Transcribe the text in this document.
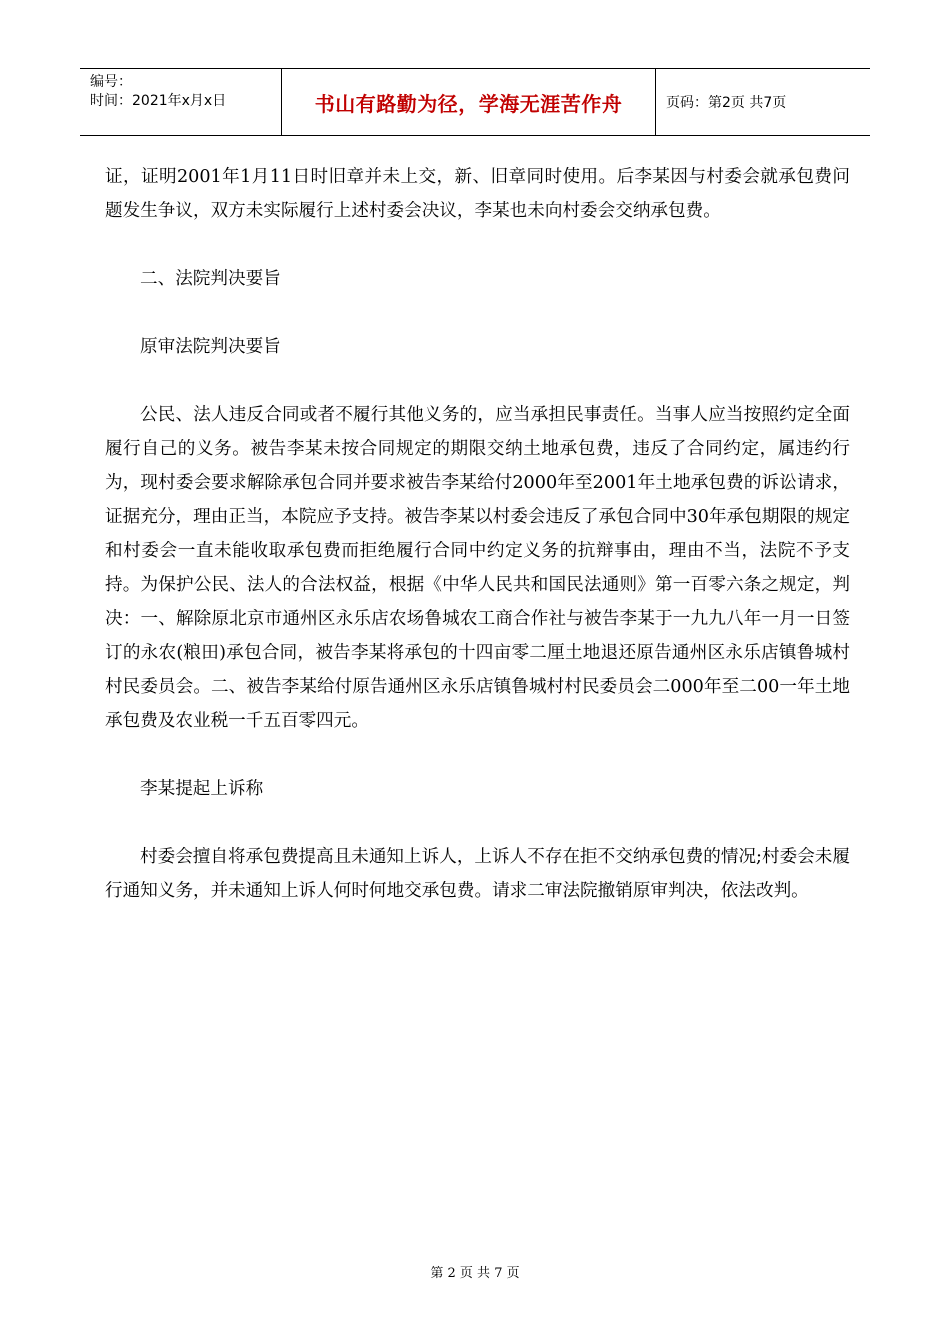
编号：
时间：2021年x月x日	书山有路勤为径，学海无涯苦作舟	页码：第2页 共7页

证，证明2001年1月11日时旧章并未上交，新、旧章同时使用。后李某因与村委会就承包费问题发生争议，双方未实际履行上述村委会决议，李某也未向村委会交纳承包费。

二、法院判决要旨

原审法院判决要旨

公民、法人违反合同或者不履行其他义务的，应当承担民事责任。当事人应当按照约定全面履行自己的义务。被告李某未按合同规定的期限交纳土地承包费，违反了合同约定，属违约行为，现村委会要求解除承包合同并要求被告李某给付2000年至2001年土地承包费的诉讼请求，证据充分，理由正当，本院应予支持。被告李某以村委会违反了承包合同中30年承包期限的规定和村委会一直未能收取承包费而拒绝履行合同中约定义务的抗辩事由，理由不当，法院不予支持。为保护公民、法人的合法权益，根据《中华人民共和国民法通则》第一百零六条之规定，判决：一、解除原北京市通州区永乐店农场鲁城农工商合作社与被告李某于一九九八年一月一日签订的永农(粮田)承包合同，被告李某将承包的十四亩零二厘土地退还原告通州区永乐店镇鲁城村村民委员会。二、被告李某给付原告通州区永乐店镇鲁城村村民委员会二000年至二00一年土地承包费及农业税一千五百零四元。

李某提起上诉称

村委会擅自将承包费提高且未通知上诉人，上诉人不存在拒不交纳承包费的情况;村委会未履行通知义务，并未通知上诉人何时何地交承包费。请求二审法院撤销原审判决，依法改判。

第 2 页 共 7 页
